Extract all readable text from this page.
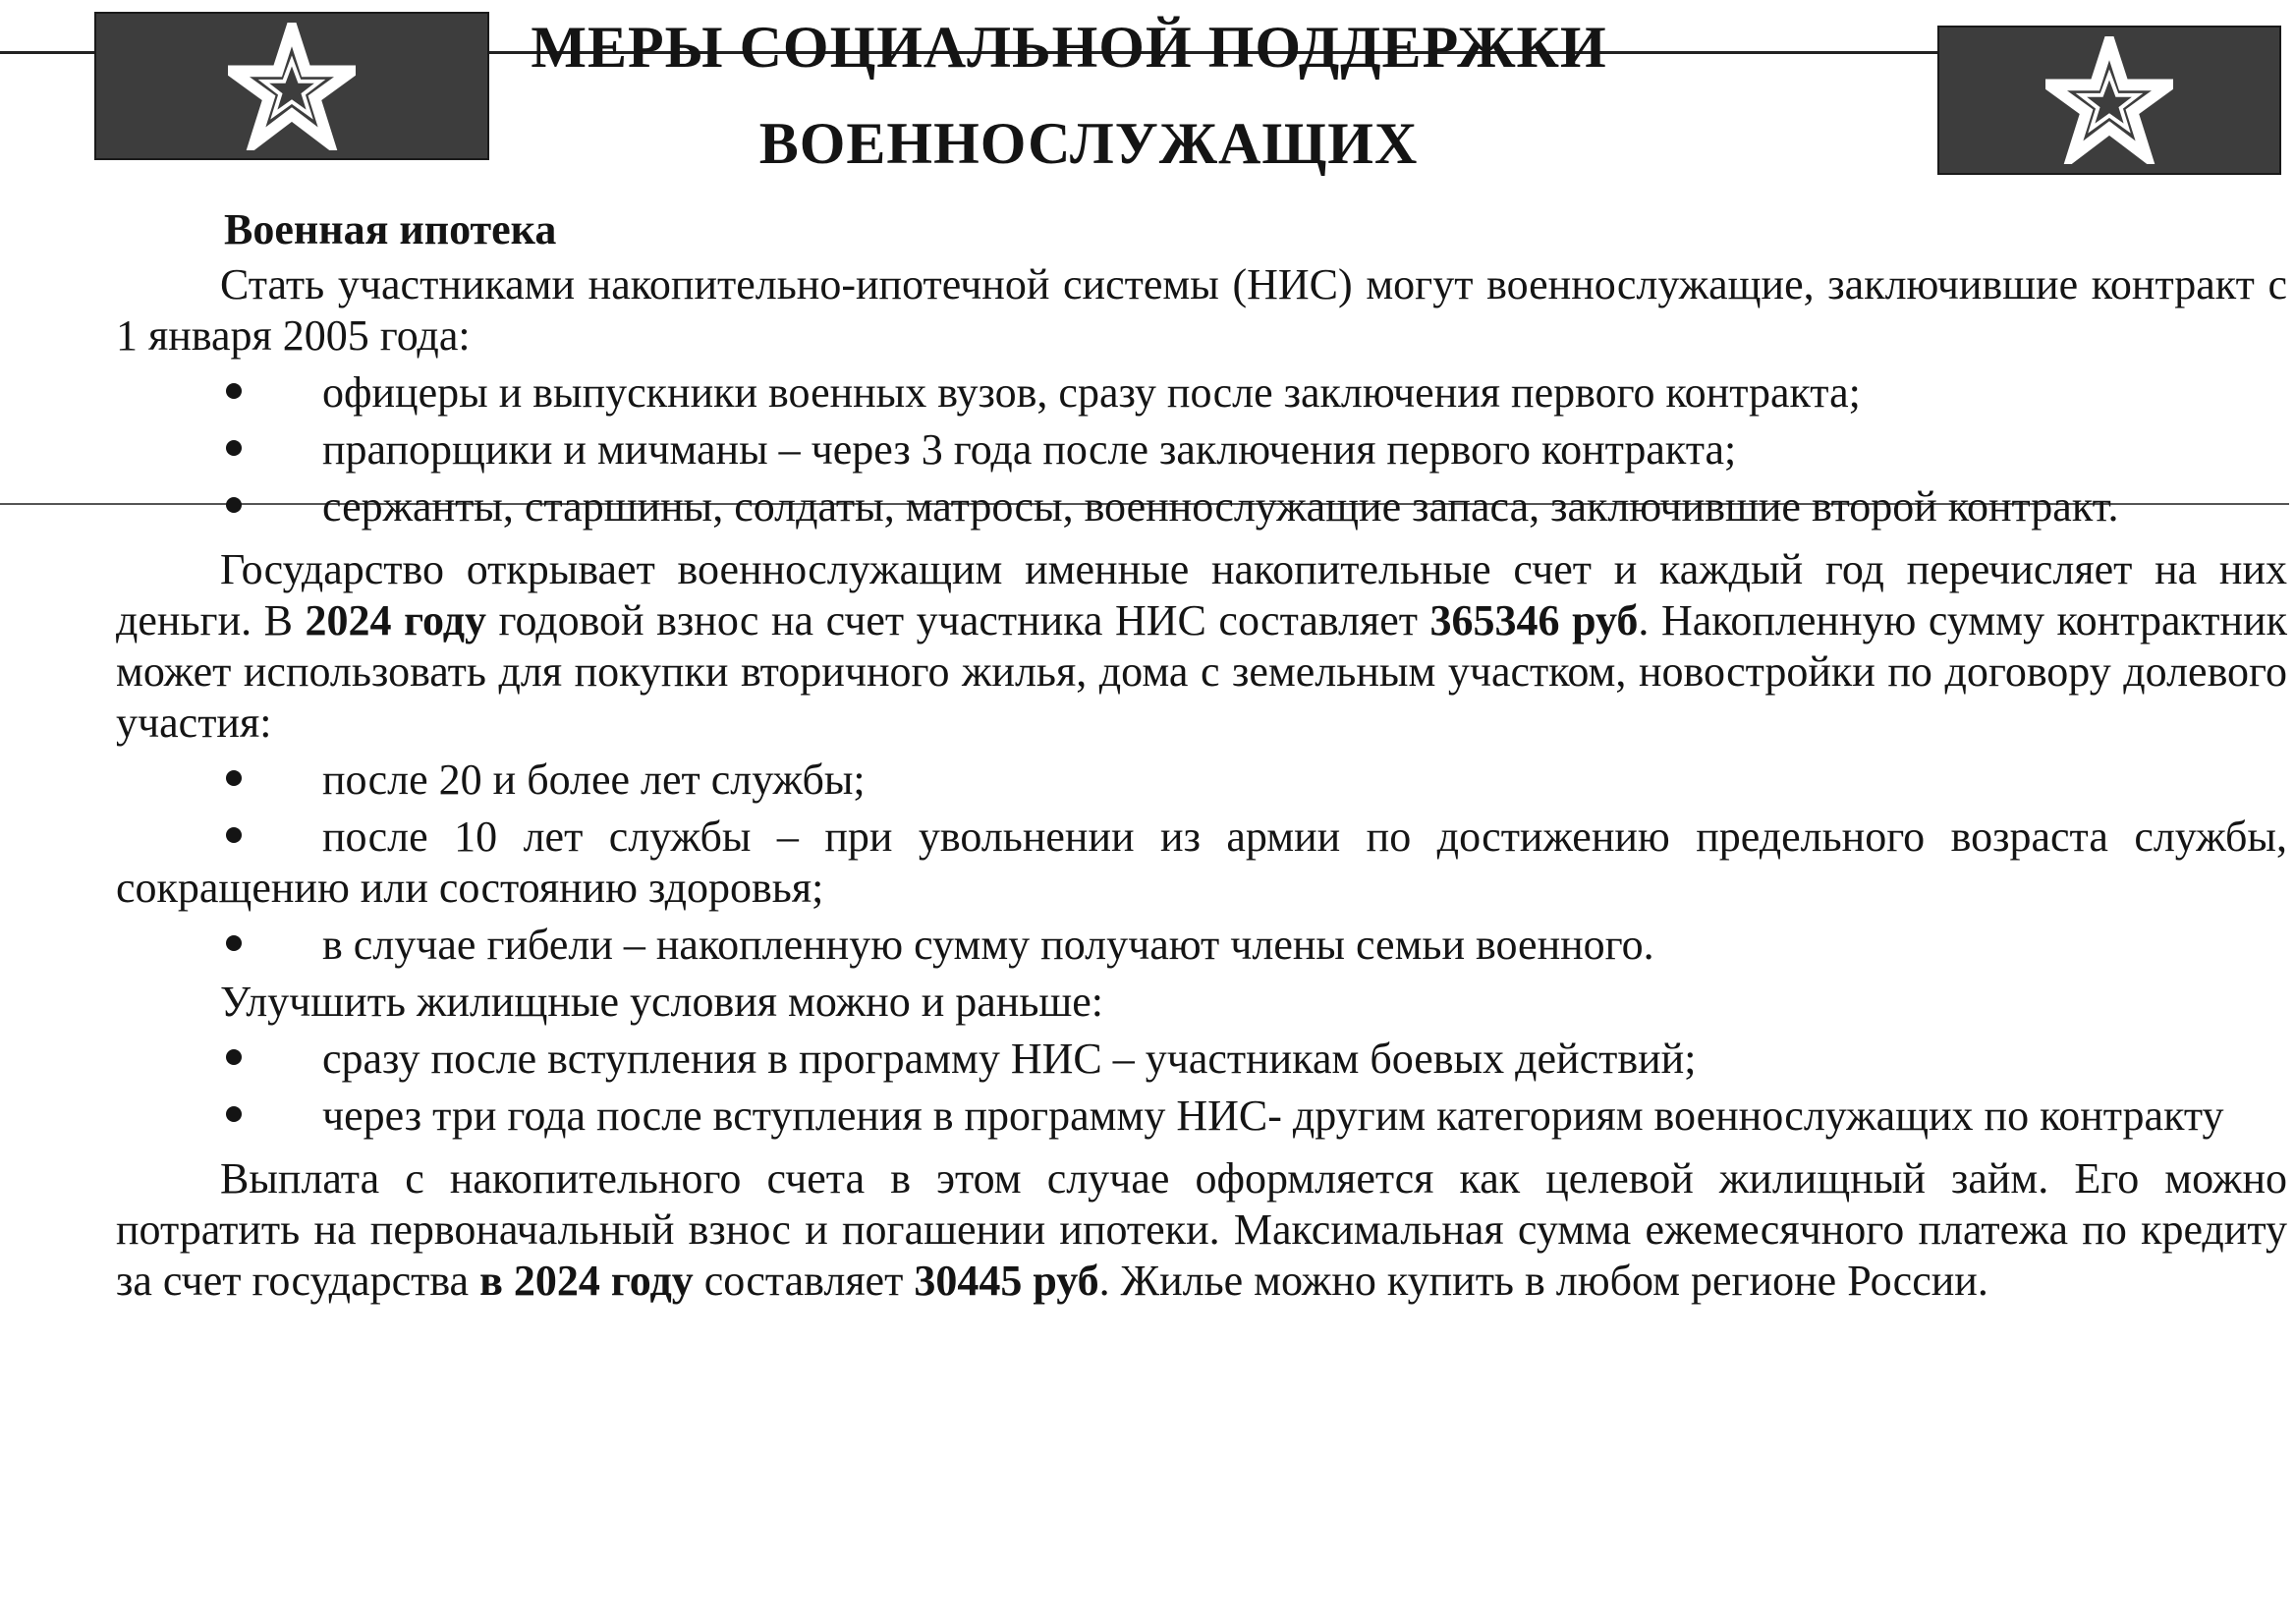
МЕРЫ СОЦИАЛЬНОЙ ПОДДЕРЖКИ
ВОЕННОСЛУЖАЩИХ

Военная ипотека

Стать участниками накопительно-ипотечной системы (НИС) могут военнослужащие, заключившие контракт с 1 января 2005 года:

офицеры и выпускники военных вузов, сразу после заключения первого контракта;

прапорщики и мичманы – через 3 года после заключения первого контракта;

сержанты, старшины, солдаты, матросы, военнослужащие запаса, заключившие второй контракт.

Государство открывает военнослужащим именные накопительные счет и каждый год перечисляет на них деньги. В 2024 году годовой взнос на счет участника НИС составляет 365346 руб. Накопленную сумму контрактник может использовать для покупки вторичного жилья, дома с земельным участком, новостройки по договору долевого участия:

после 20 и более лет службы;

после 10 лет службы – при увольнении из армии по достижению предельного возраста службы, сокращению или состоянию здоровья;

в случае гибели – накопленную сумму получают члены семьи военного.

Улучшить жилищные условия можно и раньше:

сразу после вступления в программу НИС – участникам боевых действий;

через три года после вступления в программу НИС- другим категориям военнослужащих по контракту

Выплата с накопительного счета в этом случае оформляется как целевой жилищный займ. Его можно потратить на первоначальный взнос и погашении ипотеки. Максимальная сумма ежемесячного платежа по кредиту за счет государства в 2024 году составляет 30445 руб. Жилье можно купить в любом регионе России.
